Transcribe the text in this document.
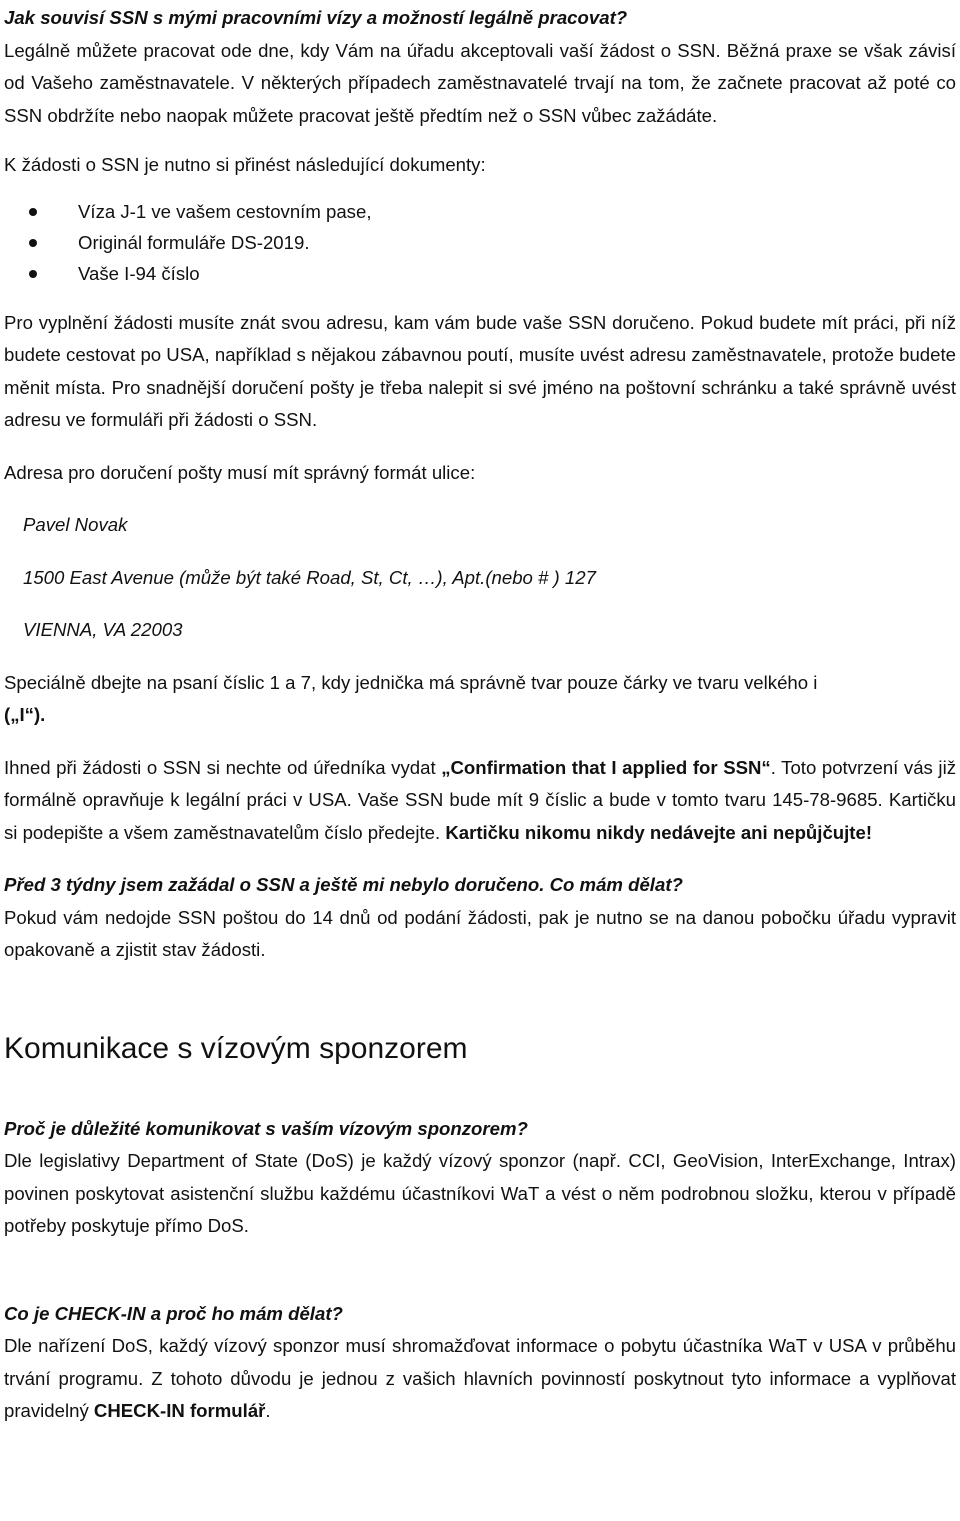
Jak souvisí SSN s mými pracovními vízy a možností legálně pracovat?

Legálně můžete pracovat ode dne, kdy Vám na úřadu akceptovali vaší žádost o SSN. Běžná praxe se však závisí od Vašeho zaměstnavatele. V některých případech zaměstnavatelé trvají na tom, že začnete pracovat až poté co SSN obdržíte nebo naopak můžete pracovat ještě předtím než o SSN vůbec zažádáte.

K žádosti o SSN je nutno si přinést následující dokumenty:

Víza J-1 ve vašem cestovním pase,
Originál formuláře DS-2019.
Vaše I-94 číslo

Pro vyplnění žádosti musíte znát svou adresu, kam vám bude vaše SSN doručeno. Pokud budete mít práci, při níž budete cestovat po USA, například s nějakou zábavnou poutí, musíte uvést adresu zaměstnavatele, protože budete měnit místa. Pro snadnější doručení pošty je třeba nalepit si své jméno na poštovní schránku a také správně uvést adresu ve formuláři při žádosti o SSN.

Adresa pro doručení pošty musí mít správný formát ulice:

Pavel Novak

1500 East Avenue (může být také Road, St, Ct, …), Apt.(nebo # ) 127

VIENNA, VA 22003

Speciálně dbejte na psaní číslic 1 a 7, kdy jednička má správně tvar pouze čárky ve tvaru velkého i
(„I“).

Ihned při žádosti o SSN si nechte od úředníka vydat „Confirmation that I applied for SSN“. Toto potvrzení vás již formálně opravňuje k legální práci v USA. Vaše SSN bude mít 9 číslic a bude v tomto tvaru 145-78-9685. Kartičku si podepište a všem zaměstnavatelům číslo předejte. Kartičku nikomu nikdy nedávejte ani nepůjčujte!

Před 3 týdny jsem zažádal o SSN a ještě mi nebylo doručeno. Co mám dělat?

Pokud vám nedojde SSN poštou do 14 dnů od podání žádosti, pak je nutno se na danou pobočku úřadu vypravit opakovaně a zjistit stav žádosti.

Komunikace s vízovým sponzorem

Proč je důležité komunikovat s vaším vízovým sponzorem?

Dle legislativy Department of State (DoS) je každý vízový sponzor (např. CCI, GeoVision, InterExchange, Intrax) povinen poskytovat asistenční službu každému účastníkovi WaT a vést o něm podrobnou složku, kterou v případě potřeby poskytuje přímo DoS.

Co je CHECK-IN a proč ho mám dělat?

Dle nařízení DoS, každý vízový sponzor musí shromažďovat informace o pobytu účastníka WaT v USA v průběhu trvání programu. Z tohoto důvodu je jednou z vašich hlavních povinností poskytnout tyto informace a vyplňovat pravidelný CHECK-IN formulář.
